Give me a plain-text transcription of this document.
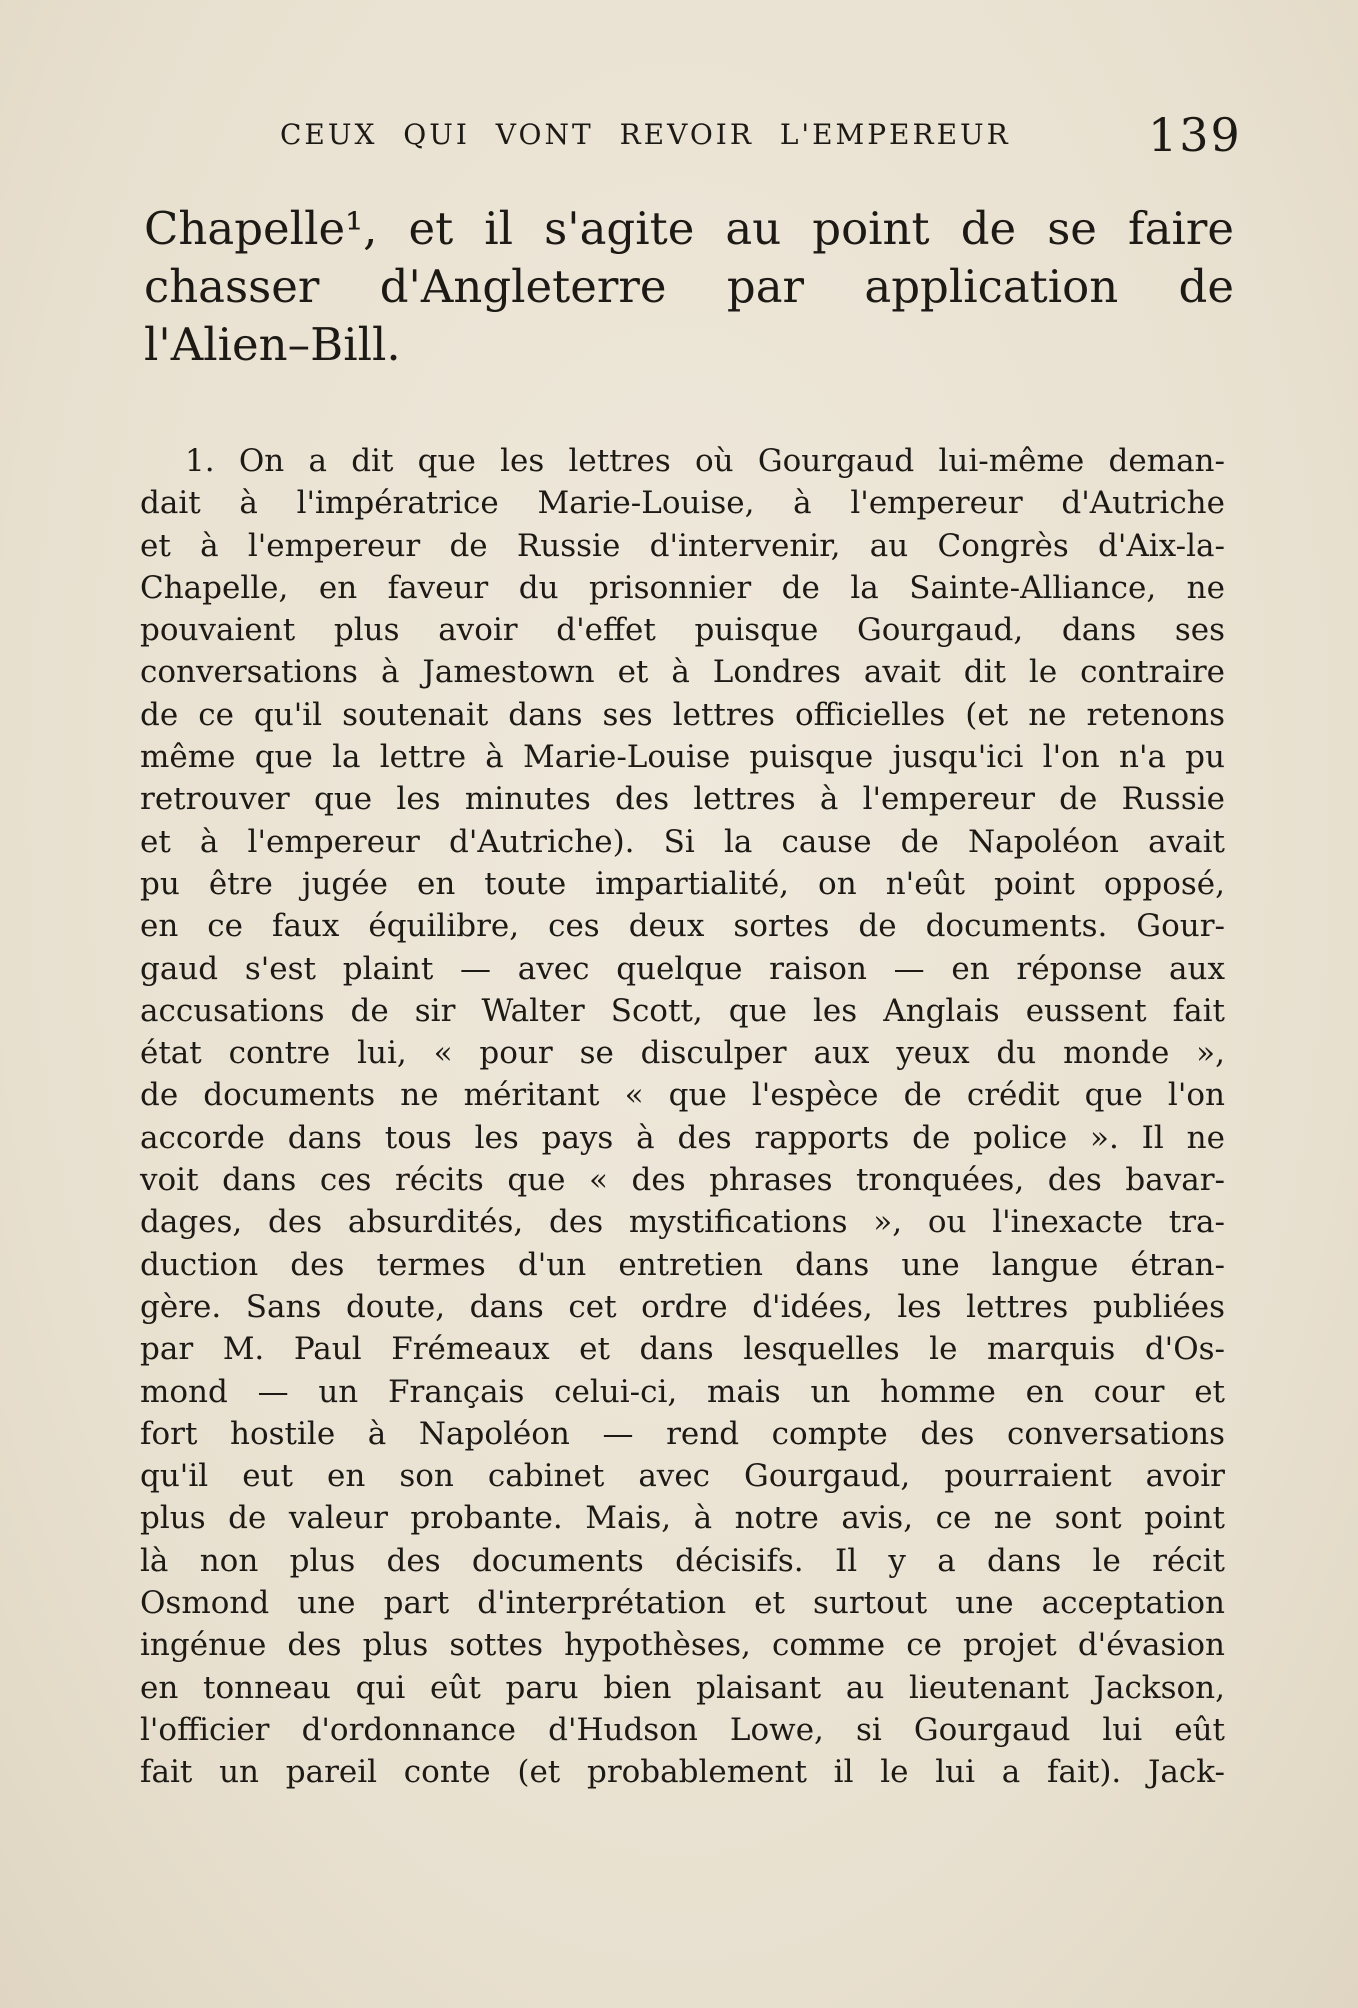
CEUX QUI VONT REVOIR L'EMPEREUR	139
Chapelle¹, et il s'agite au point de se faire
chasser d'Angleterre par application de
l'Alien–Bill.
1. On a dit que les lettres où Gourgaud lui-même deman-
dait à l'impératrice Marie-Louise, à l'empereur d'Autriche
et à l'empereur de Russie d'intervenir, au Congrès d'Aix-la-
Chapelle, en faveur du prisonnier de la Sainte-Alliance, ne
pouvaient plus avoir d'effet puisque Gourgaud, dans ses
conversations à Jamestown et à Londres avait dit le contraire
de ce qu'il soutenait dans ses lettres officielles (et ne retenons
même que la lettre à Marie-Louise puisque jusqu'ici l'on n'a pu
retrouver que les minutes des lettres à l'empereur de Russie
et à l'empereur d'Autriche). Si la cause de Napoléon avait
pu être jugée en toute impartialité, on n'eût point opposé,
en ce faux équilibre, ces deux sortes de documents. Gour-
gaud s'est plaint — avec quelque raison — en réponse aux
accusations de sir Walter Scott, que les Anglais eussent fait
état contre lui, « pour se disculper aux yeux du monde »,
de documents ne méritant « que l'espèce de crédit que l'on
accorde dans tous les pays à des rapports de police ». Il ne
voit dans ces récits que « des phrases tronquées, des bavar-
dages, des absurdités, des mystifications », ou l'inexacte tra-
duction des termes d'un entretien dans une langue étran-
gère. Sans doute, dans cet ordre d'idées, les lettres publiées
par M. Paul Frémeaux et dans lesquelles le marquis d'Os-
mond — un Français celui-ci, mais un homme en cour et
fort hostile à Napoléon — rend compte des conversations
qu'il eut en son cabinet avec Gourgaud, pourraient avoir
plus de valeur probante. Mais, à notre avis, ce ne sont point
là non plus des documents décisifs. Il y a dans le récit
Osmond une part d'interprétation et surtout une acceptation
ingénue des plus sottes hypothèses, comme ce projet d'évasion
en tonneau qui eût paru bien plaisant au lieutenant Jackson,
l'officier d'ordonnance d'Hudson Lowe, si Gourgaud lui eût
fait un pareil conte (et probablement il le lui a fait). Jack-
